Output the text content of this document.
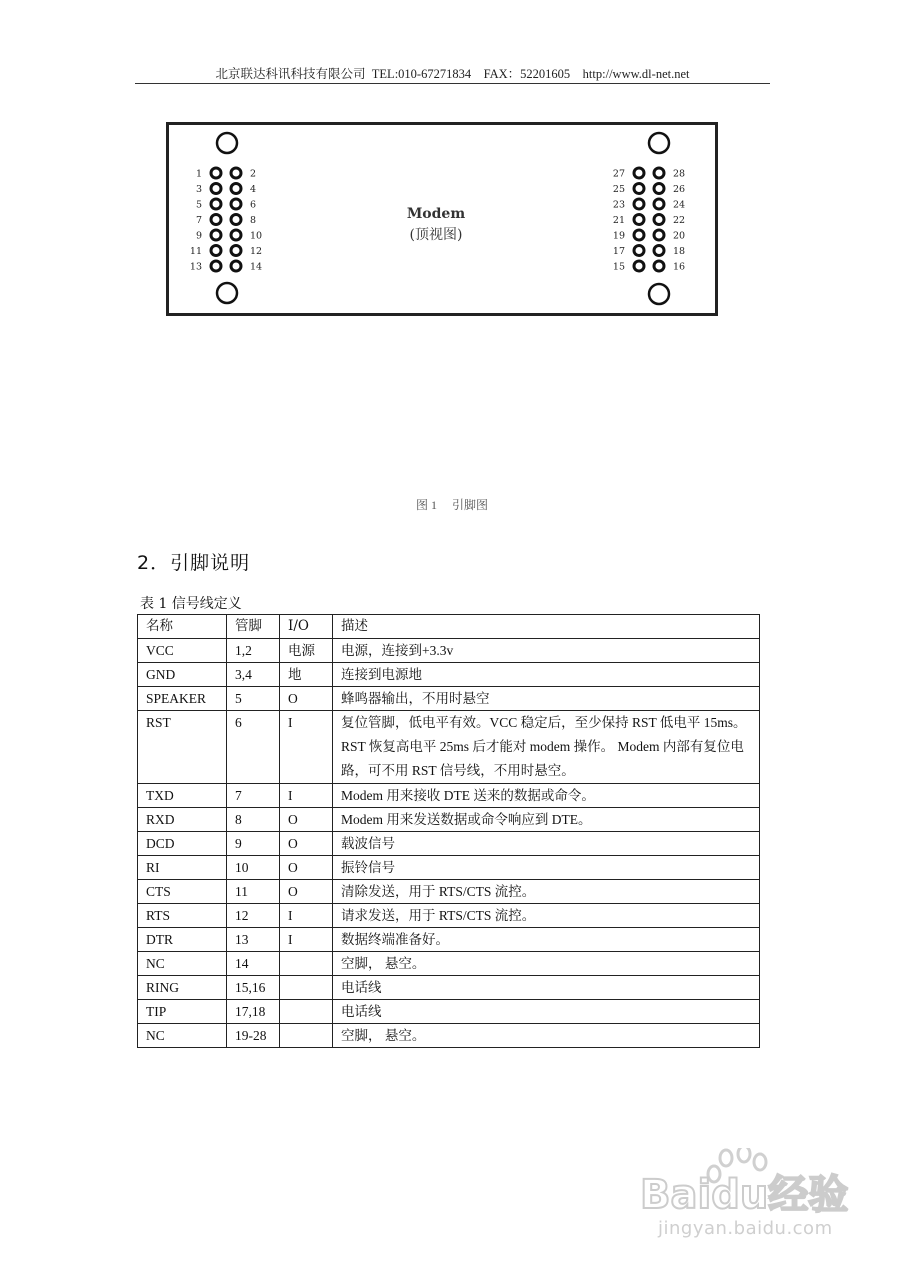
北京联达科讯科技有限公司 TEL:010-67271834 FAX：52201605 http://www.dl-net.net
Modem
(顶视图)
1	2
3	4
5	6
7	8
9	10
11	12
13	14
27	28
25	26
23	24
21	22
19	20
17	18
15	16
图 1 引脚图
2．引脚说明
表 1 信号线定义
名称	管脚	I/O	描述
VCC	1,2	电源	电源，连接到+3.3v
GND	3,4	地	连接到电源地
SPEAKER	5	O	蜂鸣器输出，不用时悬空
RST	6	I	复位管脚，低电平有效。VCC 稳定后，至少保持 RST 低电平 15ms。RST 恢复高电平 25ms 后才能对 modem 操作。 Modem 内部有复位电路，可不用 RST 信号线，不用时悬空。
TXD	7	I	Modem 用来接收 DTE 送来的数据或命令。
RXD	8	O	Modem 用来发送数据或命令响应到 DTE。
DCD	9	O	载波信号
RI	10	O	振铃信号
CTS	11	O	清除发送，用于 RTS/CTS 流控。
RTS	12	I	请求发送，用于 RTS/CTS 流控。
DTR	13	I	数据终端准备好。
NC	14		空脚， 悬空。
RING	15,16		电话线
TIP	17,18		电话线
NC	19-28		空脚， 悬空。
Baidu经验
jingyan.baidu.com
